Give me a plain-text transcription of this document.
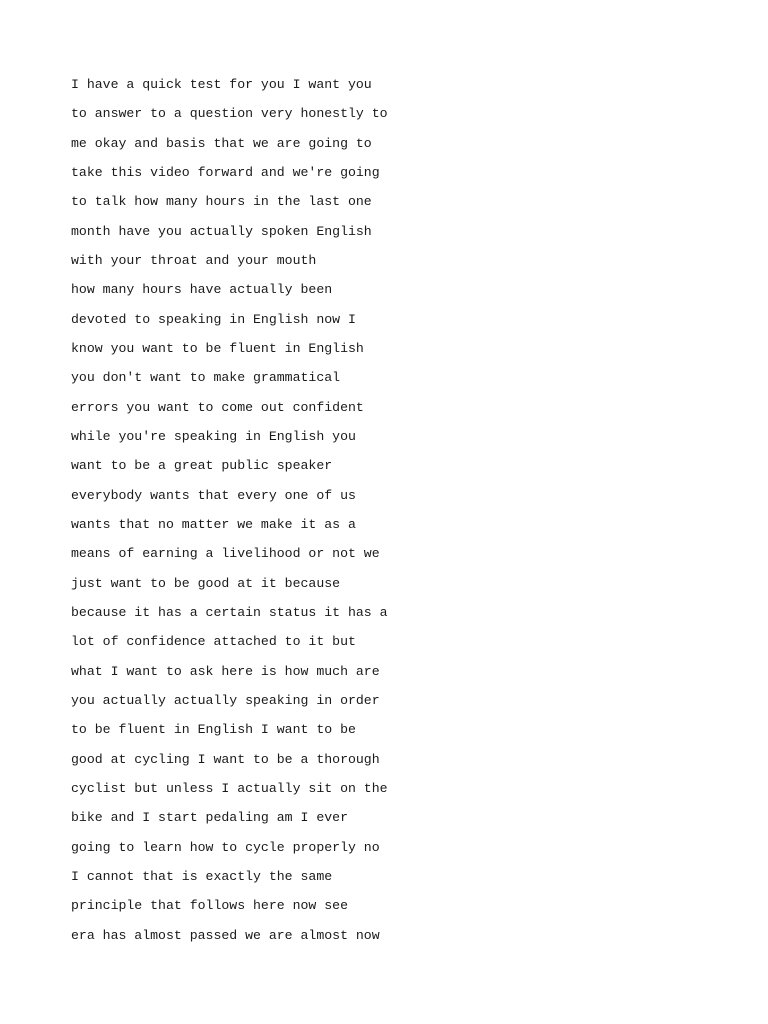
I have a quick test for you I want you

to answer to a question very honestly to

me okay and basis that we are going to

take this video forward and we're going

to talk how many hours in the last one

month have you actually spoken English

with your throat and your mouth

how many hours have actually been

devoted to speaking in English now I

know you want to be fluent in English

you don't want to make grammatical

errors you want to come out confident

while you're speaking in English you

want to be a great public speaker

everybody wants that every one of us

wants that no matter we make it as a

means of earning a livelihood or not we

just want to be good at it because

because it has a certain status it has a

lot of confidence attached to it but

what I want to ask here is how much are

you actually actually speaking in order

to be fluent in English I want to be

good at cycling I want to be a thorough

cyclist but unless I actually sit on the

bike and I start pedaling am I ever

going to learn how to cycle properly no

I cannot that is exactly the same

principle that follows here now see

era has almost passed we are almost now
